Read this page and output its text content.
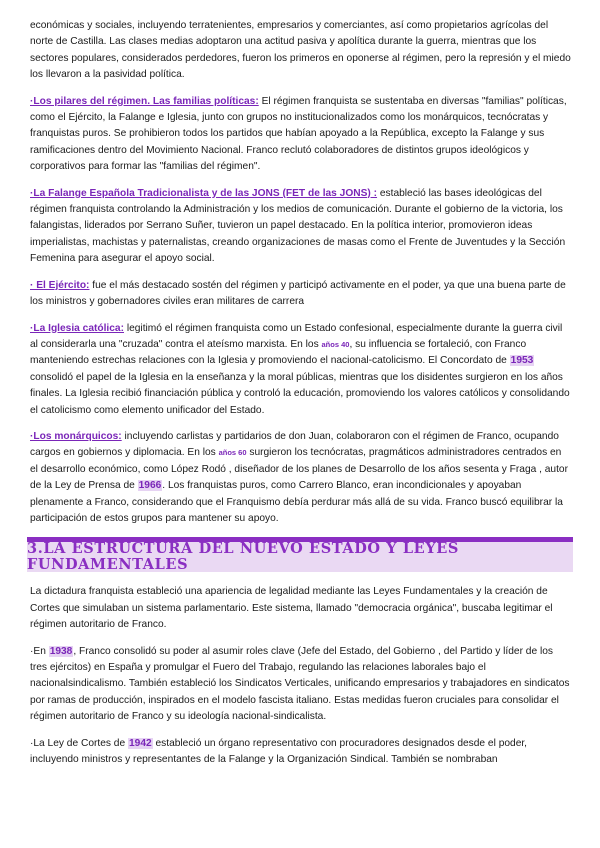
económicas y sociales, incluyendo terratenientes, empresarios y comerciantes, así como propietarios agrícolas del norte de Castilla. Las clases medias adoptaron una actitud pasiva y apolítica durante la guerra, mientras que los sectores populares, considerados perdedores, fueron los primeros en oponerse al régimen, pero la represión y el miedo los llevaron a la pasividad política.

·Los pilares del régimen. Las familias políticas: El régimen franquista se sustentaba en diversas "familias" políticas, como el Ejército, la Falange e Iglesia, junto con grupos no institucionalizados como los monárquicos, tecnócratas y franquistas puros. Se prohibieron todos los partidos que habían apoyado a la República, excepto la Falange y sus ramificaciones dentro del Movimiento Nacional. Franco reclutó colaboradores de distintos grupos ideológicos y corporativos para formar las "familias del régimen".

·La Falange Española Tradicionalista y de las JONS (FET de las JONS) : estableció las bases ideológicas del régimen franquista controlando la Administración y los medios de comunicación. Durante el gobierno de la victoria, los falangistas, liderados por Serrano Suñer, tuvieron un papel destacado. En la política interior, promovieron ideas imperialistas, machistas y paternalistas, creando organizaciones de masas como el Frente de Juventudes y la Sección Femenina para asegurar el apoyo social.

· El Ejército: fue el más destacado sostén del régimen y participó activamente en el poder, ya que una buena parte de los ministros y gobernadores civiles eran militares de carrera

·La Iglesia católica: legitimó el régimen franquista como un Estado confesional, especialmente durante la guerra civil al considerarla una "cruzada" contra el ateísmo marxista. En los años 40, su influencia se fortaleció, con Franco manteniendo estrechas relaciones con la Iglesia y promoviendo el nacional-catolicismo. El Concordato de 1953 consolidó el papel de la Iglesia en la enseñanza y la moral públicas, mientras que los disidentes surgieron en los años finales. La Iglesia recibió financiación pública y controló la educación, promoviendo los valores católicos y consolidando el catolicismo como elemento unificador del Estado.

·Los monárquicos: incluyendo carlistas y partidarios de don Juan, colaboraron con el régimen de Franco, ocupando cargos en gobiernos y diplomacia. En los años 60 surgieron los tecnócratas, pragmáticos administradores centrados en el desarrollo económico, como López Rodó , diseñador de los planes de Desarrollo de los años sesenta y Fraga , autor de la Ley de Prensa de 1966. Los franquistas puros, como Carrero Blanco, eran incondicionales y apoyaban plenamente a Franco, considerando que el Franquismo debía perdurar más allá de su vida. Franco buscó equilibrar la participación de estos grupos para mantener su apoyo.

3.LA ESTRUCTURA DEL NUEVO ESTADO Y LEYES FUNDAMENTALES

La dictadura franquista estableció una apariencia de legalidad mediante las Leyes Fundamentales y la creación de Cortes que simulaban un sistema parlamentario. Este sistema, llamado "democracia orgánica", buscaba legitimar el régimen autoritario de Franco.

·En 1938, Franco consolidó su poder al asumir roles clave (Jefe del Estado, del Gobierno , del Partido y líder de los tres ejércitos) en España y promulgar el Fuero del Trabajo, regulando las relaciones laborales bajo el nacionalsindicalismo. También estableció los Sindicatos Verticales, unificando empresarios y trabajadores en sindicatos por ramas de producción, inspirados en el modelo fascista italiano. Estas medidas fueron cruciales para consolidar el régimen autoritario de Franco y su ideología nacional-sindicalista.

·La Ley de Cortes de 1942 estableció un órgano representativo con procuradores designados desde el poder, incluyendo ministros y representantes de la Falange y la Organización Sindical. También se nombraban
